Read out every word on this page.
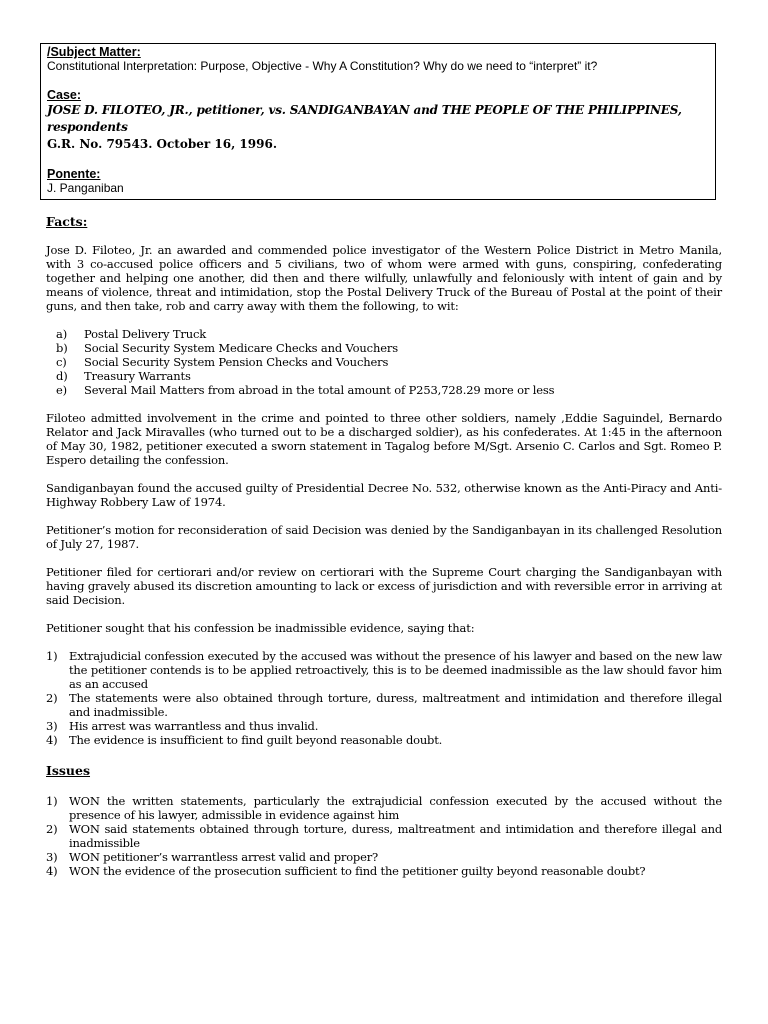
/Subject Matter:
Constitutional Interpretation: Purpose, Objective - Why A Constitution? Why do we need to “interpret” it?
Case:
JOSE D. FILOTEO, JR., petitioner, vs. SANDIGANBAYAN and THE PEOPLE OF THE PHILIPPINES, respondents
G.R. No. 79543. October 16, 1996.
Ponente:
J. Panganiban
Facts:

Jose D. Filoteo, Jr. an awarded and commended police investigator of the Western Police District in Metro Manila, with 3 co-accused police officers and 5 civilians, two of whom were armed with guns, conspiring, confederating together and helping one another, did then and there wilfully, unlawfully and feloniously with intent of gain and by means of violence, threat and intimidation, stop the Postal Delivery Truck of the Bureau of Postal at the point of their guns, and then take, rob and carry away with them the following, to wit:

a)	Postal Delivery Truck
b)	Social Security System Medicare Checks and Vouchers
c)	Social Security System Pension Checks and Vouchers
d)	Treasury Warrants
e)	Several Mail Matters from abroad in the total amount of P253,728.29 more or less

Filoteo admitted involvement in the crime and pointed to three other soldiers, namely ,Eddie Saguindel, Bernardo Relator and Jack Miravalles (who turned out to be a discharged soldier), as his confederates. At 1:45 in the afternoon of May 30, 1982, petitioner executed a sworn statement in Tagalog before M/Sgt. Arsenio C. Carlos and Sgt. Romeo P. Espero detailing the confession.

Sandiganbayan found the accused guilty of Presidential Decree No. 532, otherwise known as the Anti-Piracy and Anti-Highway Robbery Law of 1974.

Petitioner’s motion for reconsideration of said Decision was denied by the Sandiganbayan in its challenged Resolution of July 27, 1987.

Petitioner filed for certiorari and/or review on certiorari with the Supreme Court charging the Sandiganbayan with having gravely abused its discretion amounting to lack or excess of jurisdiction and with reversible error in arriving at said Decision.

Petitioner sought that his confession be inadmissible evidence, saying that:

1)	Extrajudicial confession executed by the accused was without the presence of his lawyer and based on the new law the petitioner contends is to be applied retroactively, this is to be deemed inadmissible as the law should favor him as an accused
2)	The statements were also obtained through torture, duress, maltreatment and intimidation and therefore illegal and inadmissible.
3)	His arrest was warrantless and thus invalid.
4)	The evidence is insufficient to find guilt beyond reasonable doubt.
Issues
1)	WON the written statements, particularly the extrajudicial confession executed by the accused without the presence of his lawyer, admissible in evidence against him
2)	WON said statements obtained through torture, duress, maltreatment and intimidation and therefore illegal and inadmissible
3)	WON petitioner’s warrantless arrest valid and proper?
4)	WON the evidence of the prosecution sufficient to find the petitioner guilty beyond reasonable doubt?
